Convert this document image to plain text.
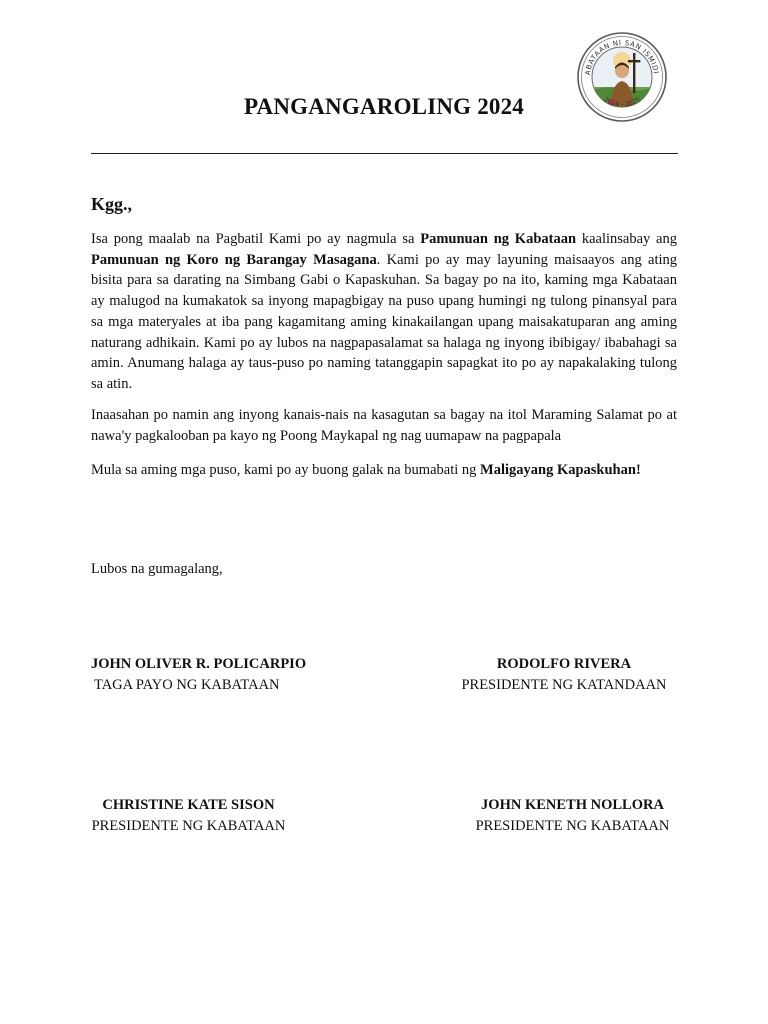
PANGANGAROLING 2024
ABATAAN NI SAN ISMIDI
2024 - 2025
Kgg.,

Isa pong maalab na Pagbatil Kami po ay nagmula sa Pamunuan ng Kabataan kaalinsabay ang Pamunuan ng Koro ng Barangay Masagana. Kami po ay may layuning maisaayos ang ating bisita para sa darating na Simbang Gabi o Kapaskuhan. Sa bagay po na ito, kaming mga Kabataan ay malugod na kumakatok sa inyong mapagbigay na puso upang humingi ng tulong pinansyal para sa mga materyales at iba pang kagamitang aming kinakailangan upang maisakatuparan ang aming naturang adhikain. Kami po ay lubos na nagpapasalamat sa halaga ng inyong ibibigay/ ibabahagi sa amin. Anumang halaga ay taus-puso po naming tatanggapin sapagkat ito po ay napakalaking tulong sa atin.

Inaasahan po namin ang inyong kanais-nais na kasagutan sa bagay na itol Maraming Salamat po at nawa'y pagkalooban pa kayo ng Poong Maykapal ng nag uumapaw na pagpapala

Mula sa aming mga puso, kami po ay buong galak na bumabati ng Maligayang Kapaskuhan!

Lubos na gumagalang,
JOHN OLIVER R. POLICARPIO
TAGA PAYO NG KABATAAN
RODOLFO RIVERA
PRESIDENTE NG KATANDAAN
CHRISTINE KATE SISON
PRESIDENTE NG KABATAAN
JOHN KENETH NOLLORA
PRESIDENTE NG KABATAAN
